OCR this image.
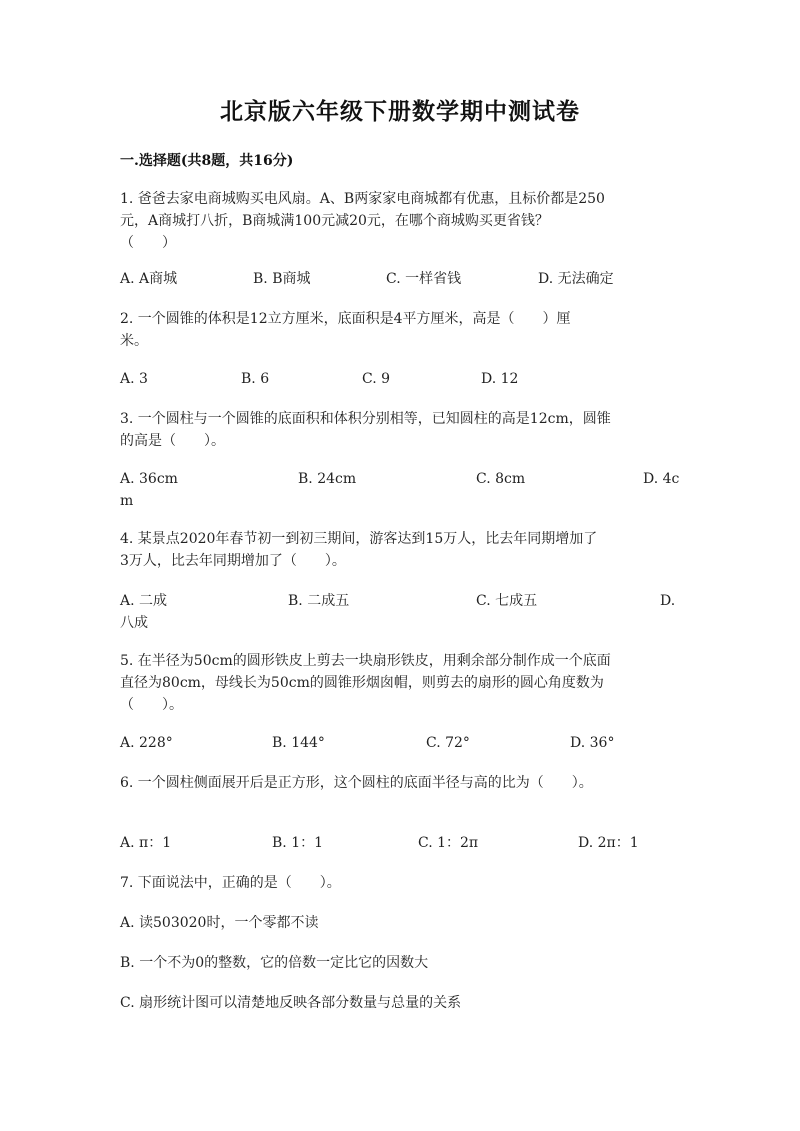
北京版六年级下册数学期中测试卷
一.选择题(共8题，共16分)
1. 爸爸去家电商城购买电风扇。A、B两家家电商城都有优惠，且标价都是250
元，A商城打八折，B商城满100元减20元，在哪个商城购买更省钱？
（　　）
A. A商城	B. B商城	C. 一样省钱	D. 无法确定
2. 一个圆锥的体积是12立方厘米，底面积是4平方厘米，高是（　　）厘
米。
A. 3	B. 6	C. 9	D. 12
3. 一个圆柱与一个圆锥的底面积和体积分别相等，已知圆柱的高是12cm，圆锥
的高是（　　）。
A. 36cm	B. 24cm	C. 8cm	D. 4c
m
4. 某景点2020年春节初一到初三期间，游客达到15万人，比去年同期增加了
3万人，比去年同期增加了（　　）。
A. 二成	B. 二成五	C. 七成五	D.
八成
5. 在半径为50cm的圆形铁皮上剪去一块扇形铁皮，用剩余部分制作成一个底面
直径为80cm，母线长为50cm的圆锥形烟囱帽，则剪去的扇形的圆心角度数为
（　　）。
A. 228°	B. 144°	C. 72°	D. 36°
6. 一个圆柱侧面展开后是正方形，这个圆柱的底面半径与高的比为（　　）。
A. π：1	B. 1：1	C. 1：2π	D. 2π：1
7. 下面说法中，正确的是（　　）。
A. 读503020时，一个零都不读
B. 一个不为0的整数，它的倍数一定比它的因数大
C. 扇形统计图可以清楚地反映各部分数量与总量的关系
